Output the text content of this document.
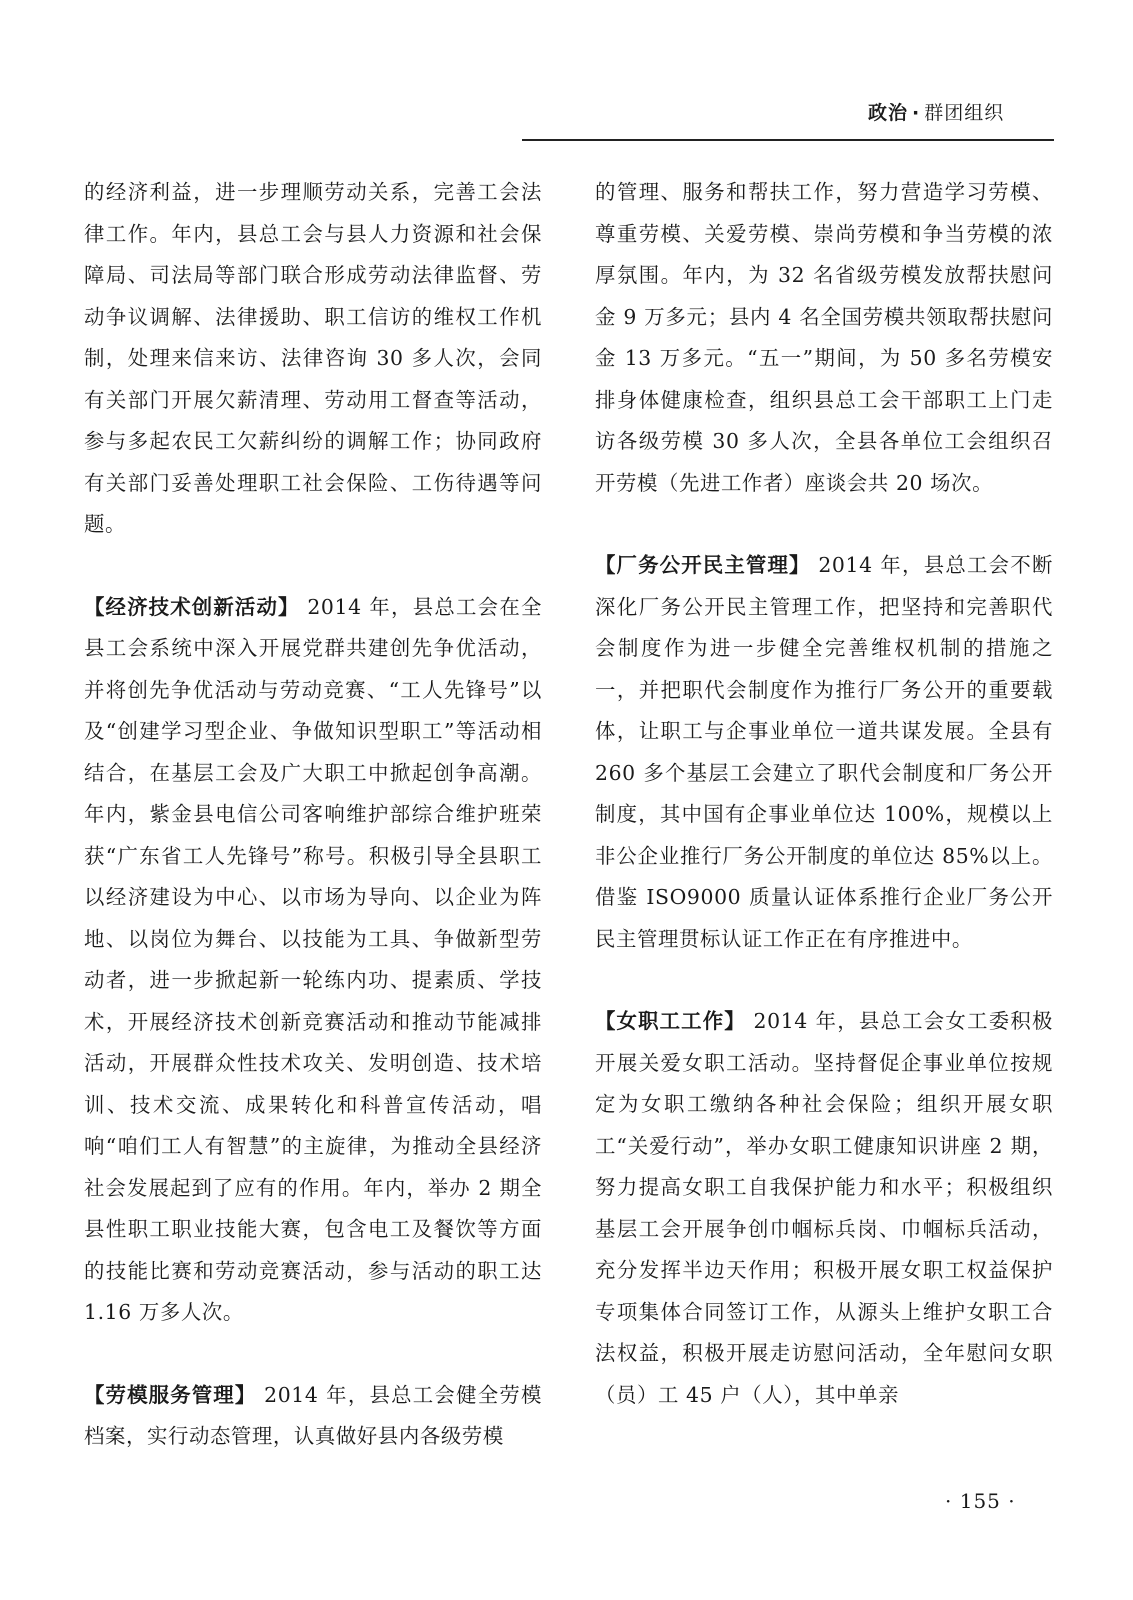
政治 · 群团组织

的经济利益，进一步理顺劳动关系，完善工会法律工作。年内，县总工会与县人力资源和社会保障局、司法局等部门联合形成劳动法律监督、劳动争议调解、法律援助、职工信访的维权工作机制，处理来信来访、法律咨询 30 多人次，会同有关部门开展欠薪清理、劳动用工督查等活动，参与多起农民工欠薪纠纷的调解工作；协同政府有关部门妥善处理职工社会保险、工伤待遇等问题。

【经济技术创新活动】 2014 年，县总工会在全县工会系统中深入开展党群共建创先争优活动，并将创先争优活动与劳动竞赛、“工人先锋号”以及“创建学习型企业、争做知识型职工”等活动相结合，在基层工会及广大职工中掀起创争高潮。年内，紫金县电信公司客响维护部综合维护班荣获“广东省工人先锋号”称号。积极引导全县职工以经济建设为中心、以市场为导向、以企业为阵地、以岗位为舞台、以技能为工具、争做新型劳动者，进一步掀起新一轮练内功、提素质、学技术，开展经济技术创新竞赛活动和推动节能减排活动，开展群众性技术攻关、发明创造、技术培训、技术交流、成果转化和科普宣传活动，唱响“咱们工人有智慧”的主旋律，为推动全县经济社会发展起到了应有的作用。年内，举办 2 期全县性职工职业技能大赛，包含电工及餐饮等方面的技能比赛和劳动竞赛活动，参与活动的职工达 1.16 万多人次。

【劳模服务管理】 2014 年，县总工会健全劳模档案，实行动态管理，认真做好县内各级劳模

的管理、服务和帮扶工作，努力营造学习劳模、尊重劳模、关爱劳模、崇尚劳模和争当劳模的浓厚氛围。年内，为 32 名省级劳模发放帮扶慰问金 9 万多元；县内 4 名全国劳模共领取帮扶慰问金 13 万多元。“五一”期间，为 50 多名劳模安排身体健康检查，组织县总工会干部职工上门走访各级劳模 30 多人次，全县各单位工会组织召开劳模（先进工作者）座谈会共 20 场次。

【厂务公开民主管理】 2014 年，县总工会不断深化厂务公开民主管理工作，把坚持和完善职代会制度作为进一步健全完善维权机制的措施之一，并把职代会制度作为推行厂务公开的重要载体，让职工与企事业单位一道共谋发展。全县有 260 多个基层工会建立了职代会制度和厂务公开制度，其中国有企事业单位达 100%，规模以上非公企业推行厂务公开制度的单位达 85%以上。借鉴 ISO9000 质量认证体系推行企业厂务公开民主管理贯标认证工作正在有序推进中。

【女职工工作】 2014 年，县总工会女工委积极开展关爱女职工活动。坚持督促企事业单位按规定为女职工缴纳各种社会保险；组织开展女职工“关爱行动”，举办女职工健康知识讲座 2 期，努力提高女职工自我保护能力和水平；积极组织基层工会开展争创巾帼标兵岗、巾帼标兵活动，充分发挥半边天作用；积极开展女职工权益保护专项集体合同签订工作，从源头上维护女职工合法权益，积极开展走访慰问活动，全年慰问女职（员）工 45 户（人），其中单亲

· 155 ·
